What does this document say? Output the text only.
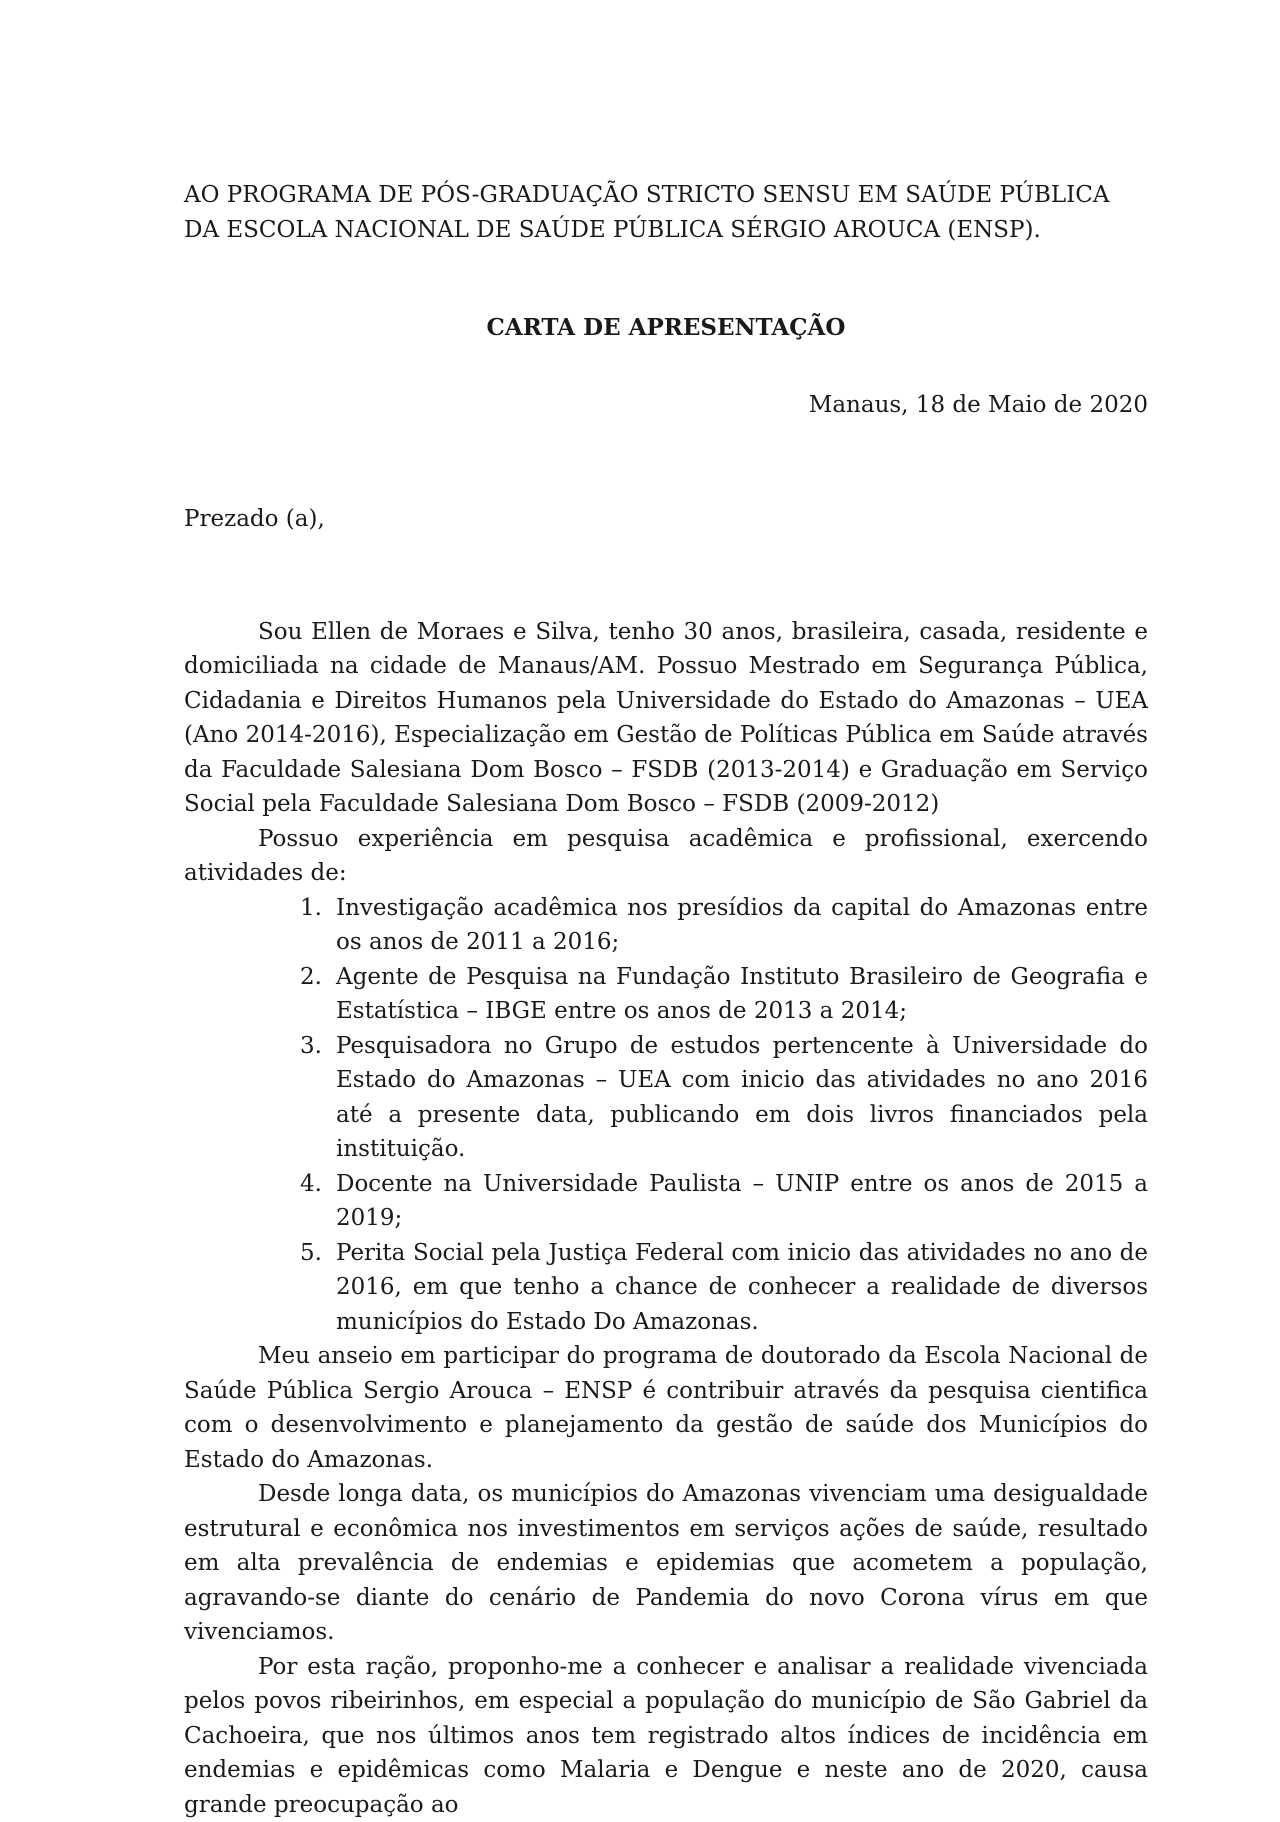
AO PROGRAMA DE PÓS-GRADUAÇÃO STRICTO SENSU EM SAÚDE PÚBLICA DA ESCOLA NACIONAL DE SAÚDE PÚBLICA SÉRGIO AROUCA (ENSP).

CARTA DE APRESENTAÇÃO
Manaus, 18 de Maio de 2020
Prezado (a),

Sou Ellen de Moraes e Silva, tenho 30 anos, brasileira, casada, residente e domiciliada na cidade de Manaus/AM. Possuo Mestrado em Segurança Pública, Cidadania e Direitos Humanos pela Universidade do Estado do Amazonas – UEA (Ano 2014-2016), Especialização em Gestão de Políticas Pública em Saúde através da Faculdade Salesiana Dom Bosco – FSDB (2013-2014) e Graduação em Serviço Social pela Faculdade Salesiana Dom Bosco – FSDB (2009-2012)

Possuo experiência em pesquisa acadêmica e profissional, exercendo atividades de:

1. Investigação acadêmica nos presídios da capital do Amazonas entre os anos de 2011 a 2016;
2. Agente de Pesquisa na Fundação Instituto Brasileiro de Geografia e Estatística – IBGE entre os anos de 2013 a 2014;
3. Pesquisadora no Grupo de estudos pertencente à Universidade do Estado do Amazonas – UEA com inicio das atividades no ano 2016 até a presente data, publicando em dois livros financiados pela instituição.
4. Docente na Universidade Paulista – UNIP entre os anos de 2015 a 2019;
5. Perita Social pela Justiça Federal com inicio das atividades no ano de 2016, em que tenho a chance de conhecer a realidade de diversos municípios do Estado Do Amazonas.

Meu anseio em participar do programa de doutorado da Escola Nacional de Saúde Pública Sergio Arouca – ENSP é contribuir através da pesquisa cientifica com o desenvolvimento e planejamento da gestão de saúde dos Municípios do Estado do Amazonas.

Desde longa data, os municípios do Amazonas vivenciam uma desigualdade estrutural e econômica nos investimentos em serviços ações de saúde, resultado em alta prevalência de endemias e epidemias que acometem a população, agravando-se diante do cenário de Pandemia do novo Corona vírus em que vivenciamos.

Por esta ração, proponho-me a conhecer e analisar a realidade vivenciada pelos povos ribeirinhos, em especial a população do município de São Gabriel da Cachoeira, que nos últimos anos tem registrado altos índices de incidência em endemias e epidêmicas como Malaria e Dengue e neste ano de 2020, causa grande preocupação ao
